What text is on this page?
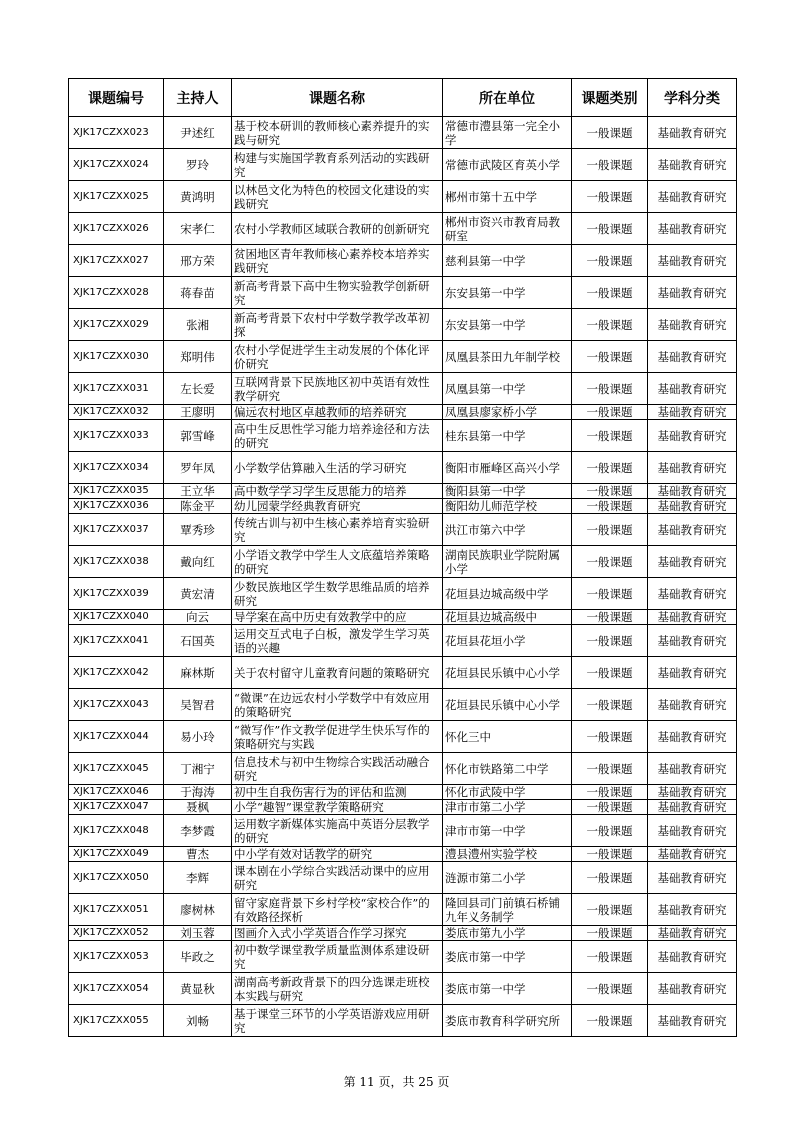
课题编号	主持人	课题名称	所在单位	课题类别	学科分类
XJK17CZXX023	尹述红	基于校本研训的教师核心素养提升的实践与研究	常德市澧县第一完全小学	一般课题	基础教育研究
XJK17CZXX024	罗玲	构建与实施国学教育系列活动的实践研究	常德市武陵区育英小学	一般课题	基础教育研究
XJK17CZXX025	黄鸿明	以林邑文化为特色的校园文化建设的实践研究	郴州市第十五中学	一般课题	基础教育研究
XJK17CZXX026	宋孝仁	农村小学教师区域联合教研的创新研究	郴州市资兴市教育局教研室	一般课题	基础教育研究
XJK17CZXX027	邢方荣	贫困地区青年教师核心素养校本培养实践研究	慈利县第一中学	一般课题	基础教育研究
XJK17CZXX028	蒋春苗	新高考背景下高中生物实验教学创新研究	东安县第一中学	一般课题	基础教育研究
XJK17CZXX029	张湘	新高考背景下农村中学数学教学改革初探	东安县第一中学	一般课题	基础教育研究
XJK17CZXX030	郑明伟	农村小学促进学生主动发展的个体化评价研究	凤凰县茶田九年制学校	一般课题	基础教育研究
XJK17CZXX031	左长爱	互联网背景下民族地区初中英语有效性教学研究	凤凰县第一中学	一般课题	基础教育研究
XJK17CZXX032	王廖明	偏远农村地区卓越教师的培养研究	凤凰县廖家桥小学	一般课题	基础教育研究
XJK17CZXX033	郭雪峰	高中生反思性学习能力培养途径和方法的研究	桂东县第一中学	一般课题	基础教育研究
XJK17CZXX034	罗年凤	小学数学估算融入生活的学习研究	衡阳市雁峰区高兴小学	一般课题	基础教育研究
XJK17CZXX035	王立华	高中数学学习学生反思能力的培养	衡阳县第一中学	一般课题	基础教育研究
XJK17CZXX036	陈金平	幼儿园蒙学经典教育研究	衡阳幼儿师范学校	一般课题	基础教育研究
XJK17CZXX037	覃秀珍	传统古训与初中生核心素养培育实验研究	洪江市第六中学	一般课题	基础教育研究
XJK17CZXX038	戴向红	小学语文教学中学生人文底蕴培养策略的研究	湖南民族职业学院附属小学	一般课题	基础教育研究
XJK17CZXX039	黄宏清	少数民族地区学生数学思维品质的培养研究	花垣县边城高级中学	一般课题	基础教育研究
XJK17CZXX040	向云	导学案在高中历史有效教学中的应	花垣县边城高级中	一般课题	基础教育研究
XJK17CZXX041	石国英	运用交互式电子白板，激发学生学习英语的兴趣	花垣县花垣小学	一般课题	基础教育研究
XJK17CZXX042	麻林斯	关于农村留守儿童教育问题的策略研究	花垣县民乐镇中心小学	一般课题	基础教育研究
XJK17CZXX043	吴智君	“微课”在边远农村小学数学中有效应用的策略研究	花垣县民乐镇中心小学	一般课题	基础教育研究
XJK17CZXX044	易小玲	“微写作”作文教学促进学生快乐写作的策略研究与实践	怀化三中	一般课题	基础教育研究
XJK17CZXX045	丁湘宁	信息技术与初中生物综合实践活动融合研究	怀化市铁路第二中学	一般课题	基础教育研究
XJK17CZXX046	于海涛	初中生自我伤害行为的评估和监测	怀化市武陵中学	一般课题	基础教育研究
XJK17CZXX047	聂枫	小学“趣智”课堂教学策略研究	津市市第二小学	一般课题	基础教育研究
XJK17CZXX048	李梦霞	运用数字新媒体实施高中英语分层教学的研究	津市市第一中学	一般课题	基础教育研究
XJK17CZXX049	曹杰	中小学有效对话教学的研究	澧县澧州实验学校	一般课题	基础教育研究
XJK17CZXX050	李辉	课本剧在小学综合实践活动课中的应用研究	涟源市第二小学	一般课题	基础教育研究
XJK17CZXX051	廖树林	留守家庭背景下乡村学校“家校合作”的有效路径探析	隆回县司门前镇石桥铺九年义务制学	一般课题	基础教育研究
XJK17CZXX052	刘玉蓉	图画介入式小学英语合作学习探究	娄底市第九小学	一般课题	基础教育研究
XJK17CZXX053	毕政之	初中数学课堂教学质量监测体系建设研究	娄底市第一中学	一般课题	基础教育研究
XJK17CZXX054	黄显秋	湖南高考新政背景下的四分选课走班校本实践与研究	娄底市第一中学	一般课题	基础教育研究
XJK17CZXX055	刘畅	基于课堂三环节的小学英语游戏应用研究	娄底市教育科学研究所	一般课题	基础教育研究
第 11 页，共 25 页
